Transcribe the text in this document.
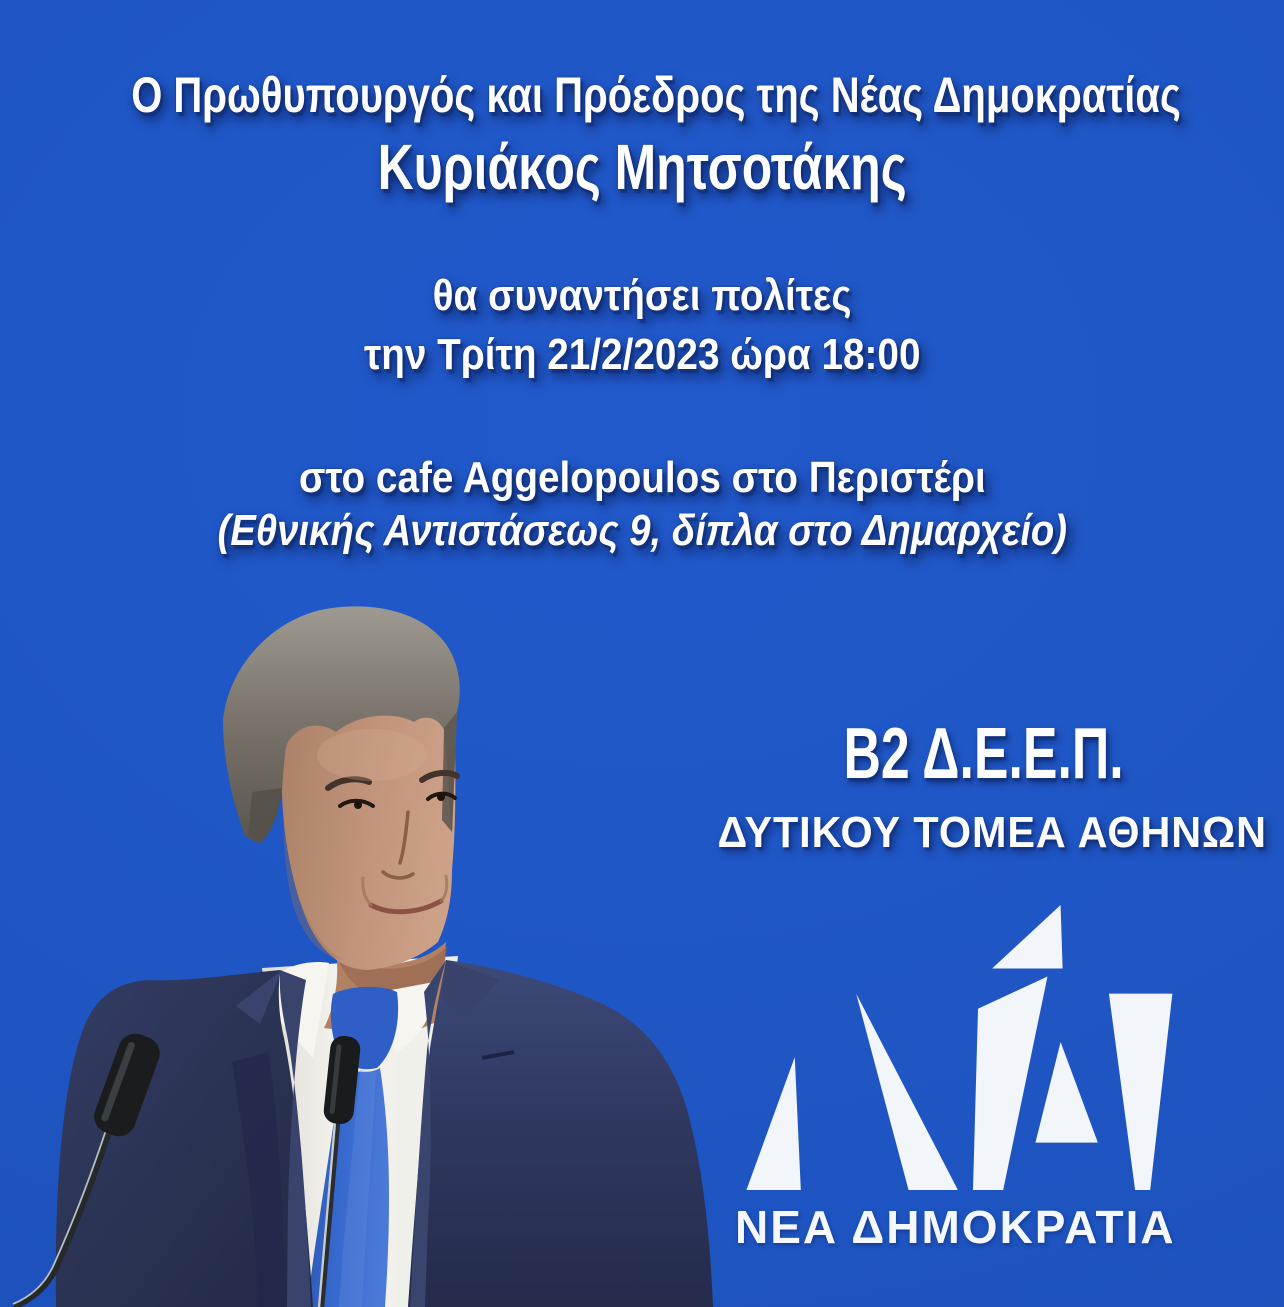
Ο Πρωθυπουργός και Πρόεδρος της Νέας Δημοκρατίας
Κυριάκος Μητσοτάκης
θα συναντήσει πολίτες
την Τρίτη 21/2/2023 ώρα 18:00
στο cafe Aggelopoulos στο Περιστέρι
(Εθνικής Αντιστάσεως 9, δίπλα στο Δημαρχείο)
Β2 Δ.Ε.Ε.Π.
ΔΥΤΙΚΟΥ ΤΟΜΕΑ ΑΘΗΝΩΝ
ΝΕΑ ΔΗΜΟΚΡΑΤΙΑ
